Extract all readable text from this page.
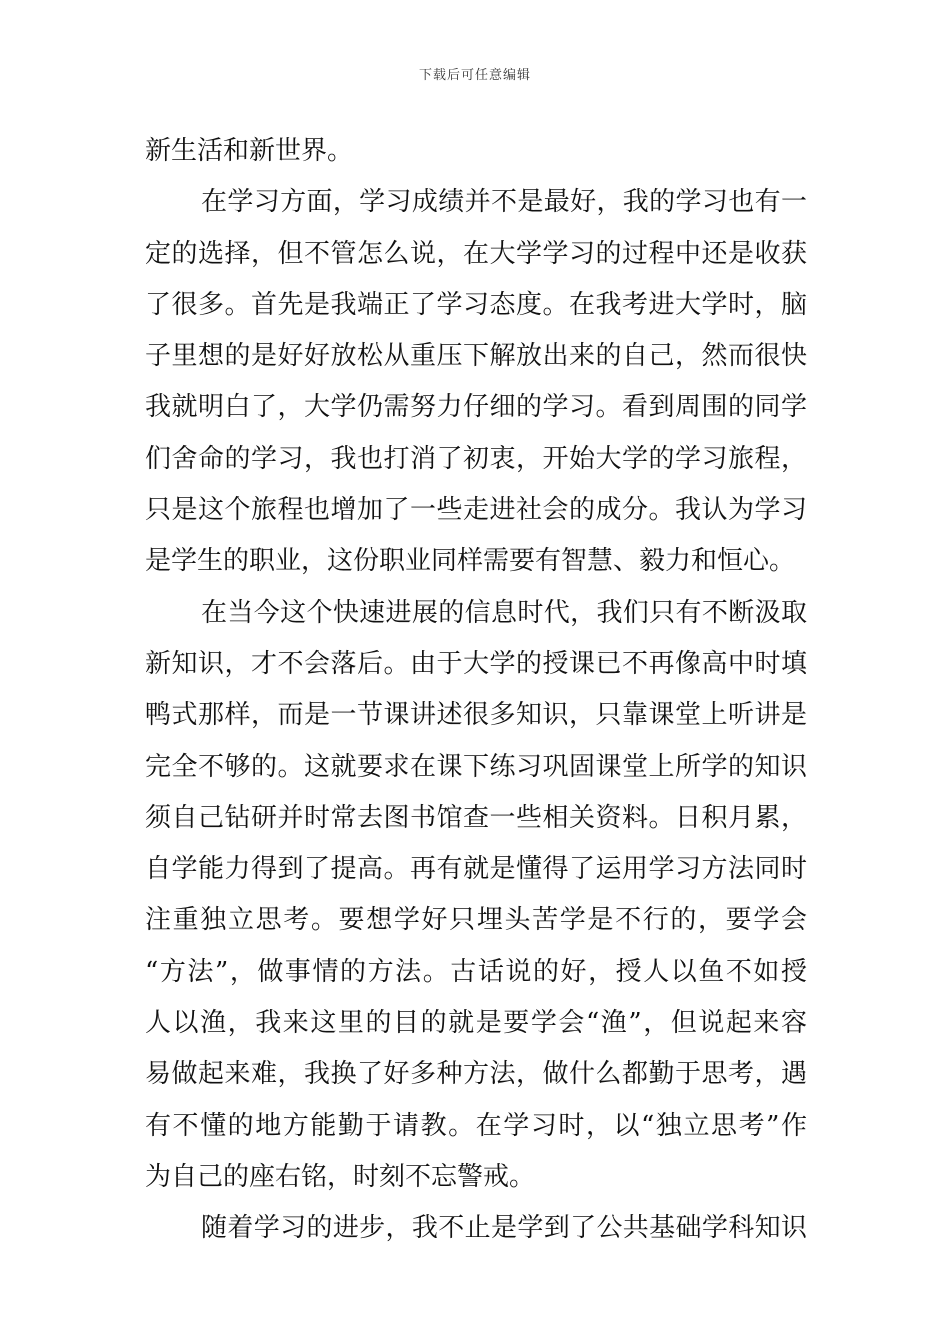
下载后可任意编辑
新生活和新世界。
在学习方面，学习成绩并不是最好，我的学习也有一
定的选择，但不管怎么说，在大学学习的过程中还是收获
了很多。首先是我端正了学习态度。在我考进大学时，脑
子里想的是好好放松从重压下解放出来的自己，然而很快
我就明白了，大学仍需努力仔细的学习。看到周围的同学
们舍命的学习，我也打消了初衷，开始大学的学习旅程，
只是这个旅程也增加了一些走进社会的成分。我认为学习
是学生的职业，这份职业同样需要有智慧、毅力和恒心。
在当今这个快速进展的信息时代，我们只有不断汲取
新知识，才不会落后。由于大学的授课已不再像高中时填
鸭式那样，而是一节课讲述很多知识，只靠课堂上听讲是
完全不够的。这就要求在课下练习巩固课堂上所学的知识
须自己钻研并时常去图书馆查一些相关资料。日积月累，
自学能力得到了提高。再有就是懂得了运用学习方法同时
注重独立思考。要想学好只埋头苦学是不行的，要学会
“方法”，做事情的方法。古话说的好，授人以鱼不如授
人以渔，我来这里的目的就是要学会“渔”，但说起来容
易做起来难，我换了好多种方法，做什么都勤于思考，遇
有不懂的地方能勤于请教。在学习时，以“独立思考”作
为自己的座右铭，时刻不忘警戒。
随着学习的进步，我不止是学到了公共基础学科知识
